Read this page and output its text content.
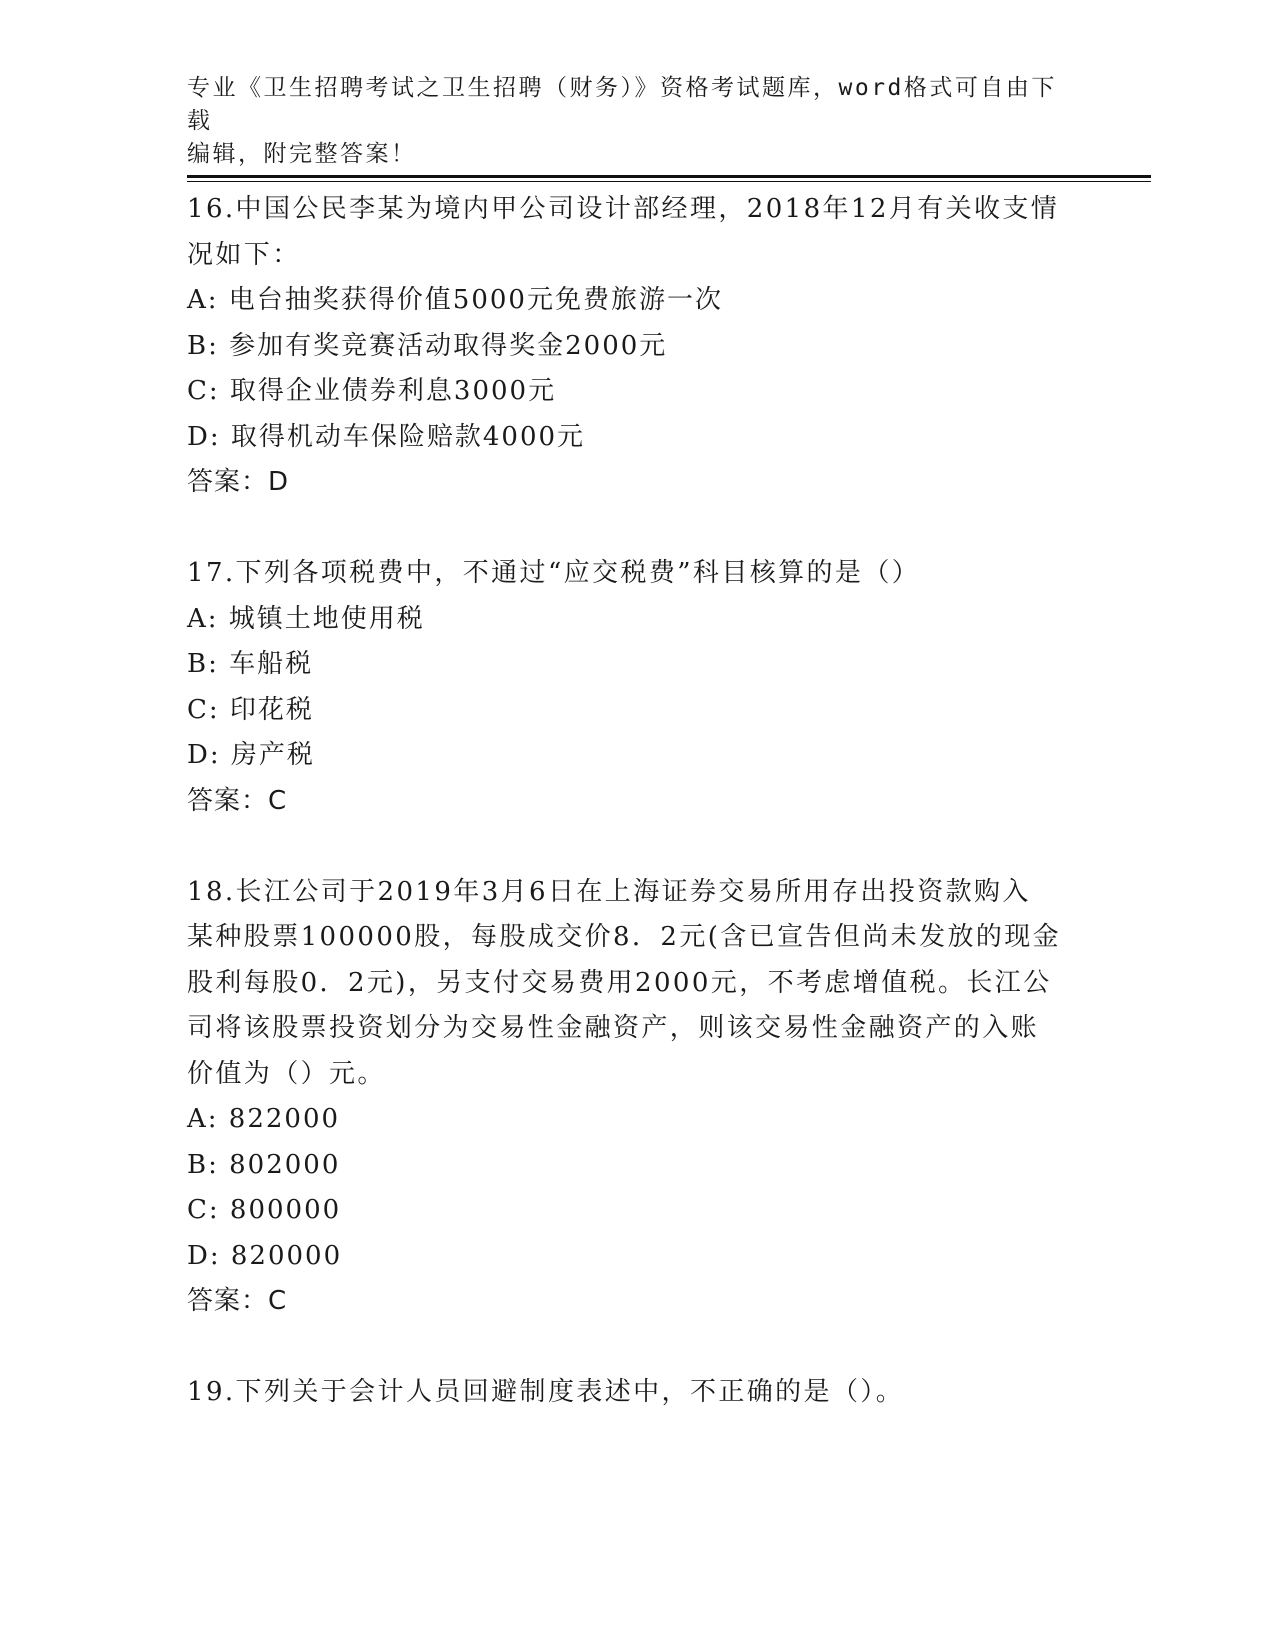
专业《卫生招聘考试之卫生招聘（财务）》资格考试题库，word格式可自由下载
编辑，附完整答案！
16.中国公民李某为境内甲公司设计部经理，2018年12月有关收支情
况如下：
A: 电台抽奖获得价值5000元免费旅游一次
B: 参加有奖竞赛活动取得奖金2000元
C: 取得企业债券利息3000元
D: 取得机动车保险赔款4000元
答案：D
17.下列各项税费中，不通过“应交税费”科目核算的是（）
A: 城镇土地使用税
B: 车船税
C: 印花税
D: 房产税
答案：C
18.长江公司于2019年3月6日在上海证券交易所用存出投资款购入
某种股票100000股，每股成交价8．2元(含已宣告但尚未发放的现金
股利每股0．2元)，另支付交易费用2000元，不考虑增值税。长江公
司将该股票投资划分为交易性金融资产，则该交易性金融资产的入账
价值为（）元。
A: 822000
B: 802000
C: 800000
D: 820000
答案：C
19.下列关于会计人员回避制度表述中，不正确的是（）。
